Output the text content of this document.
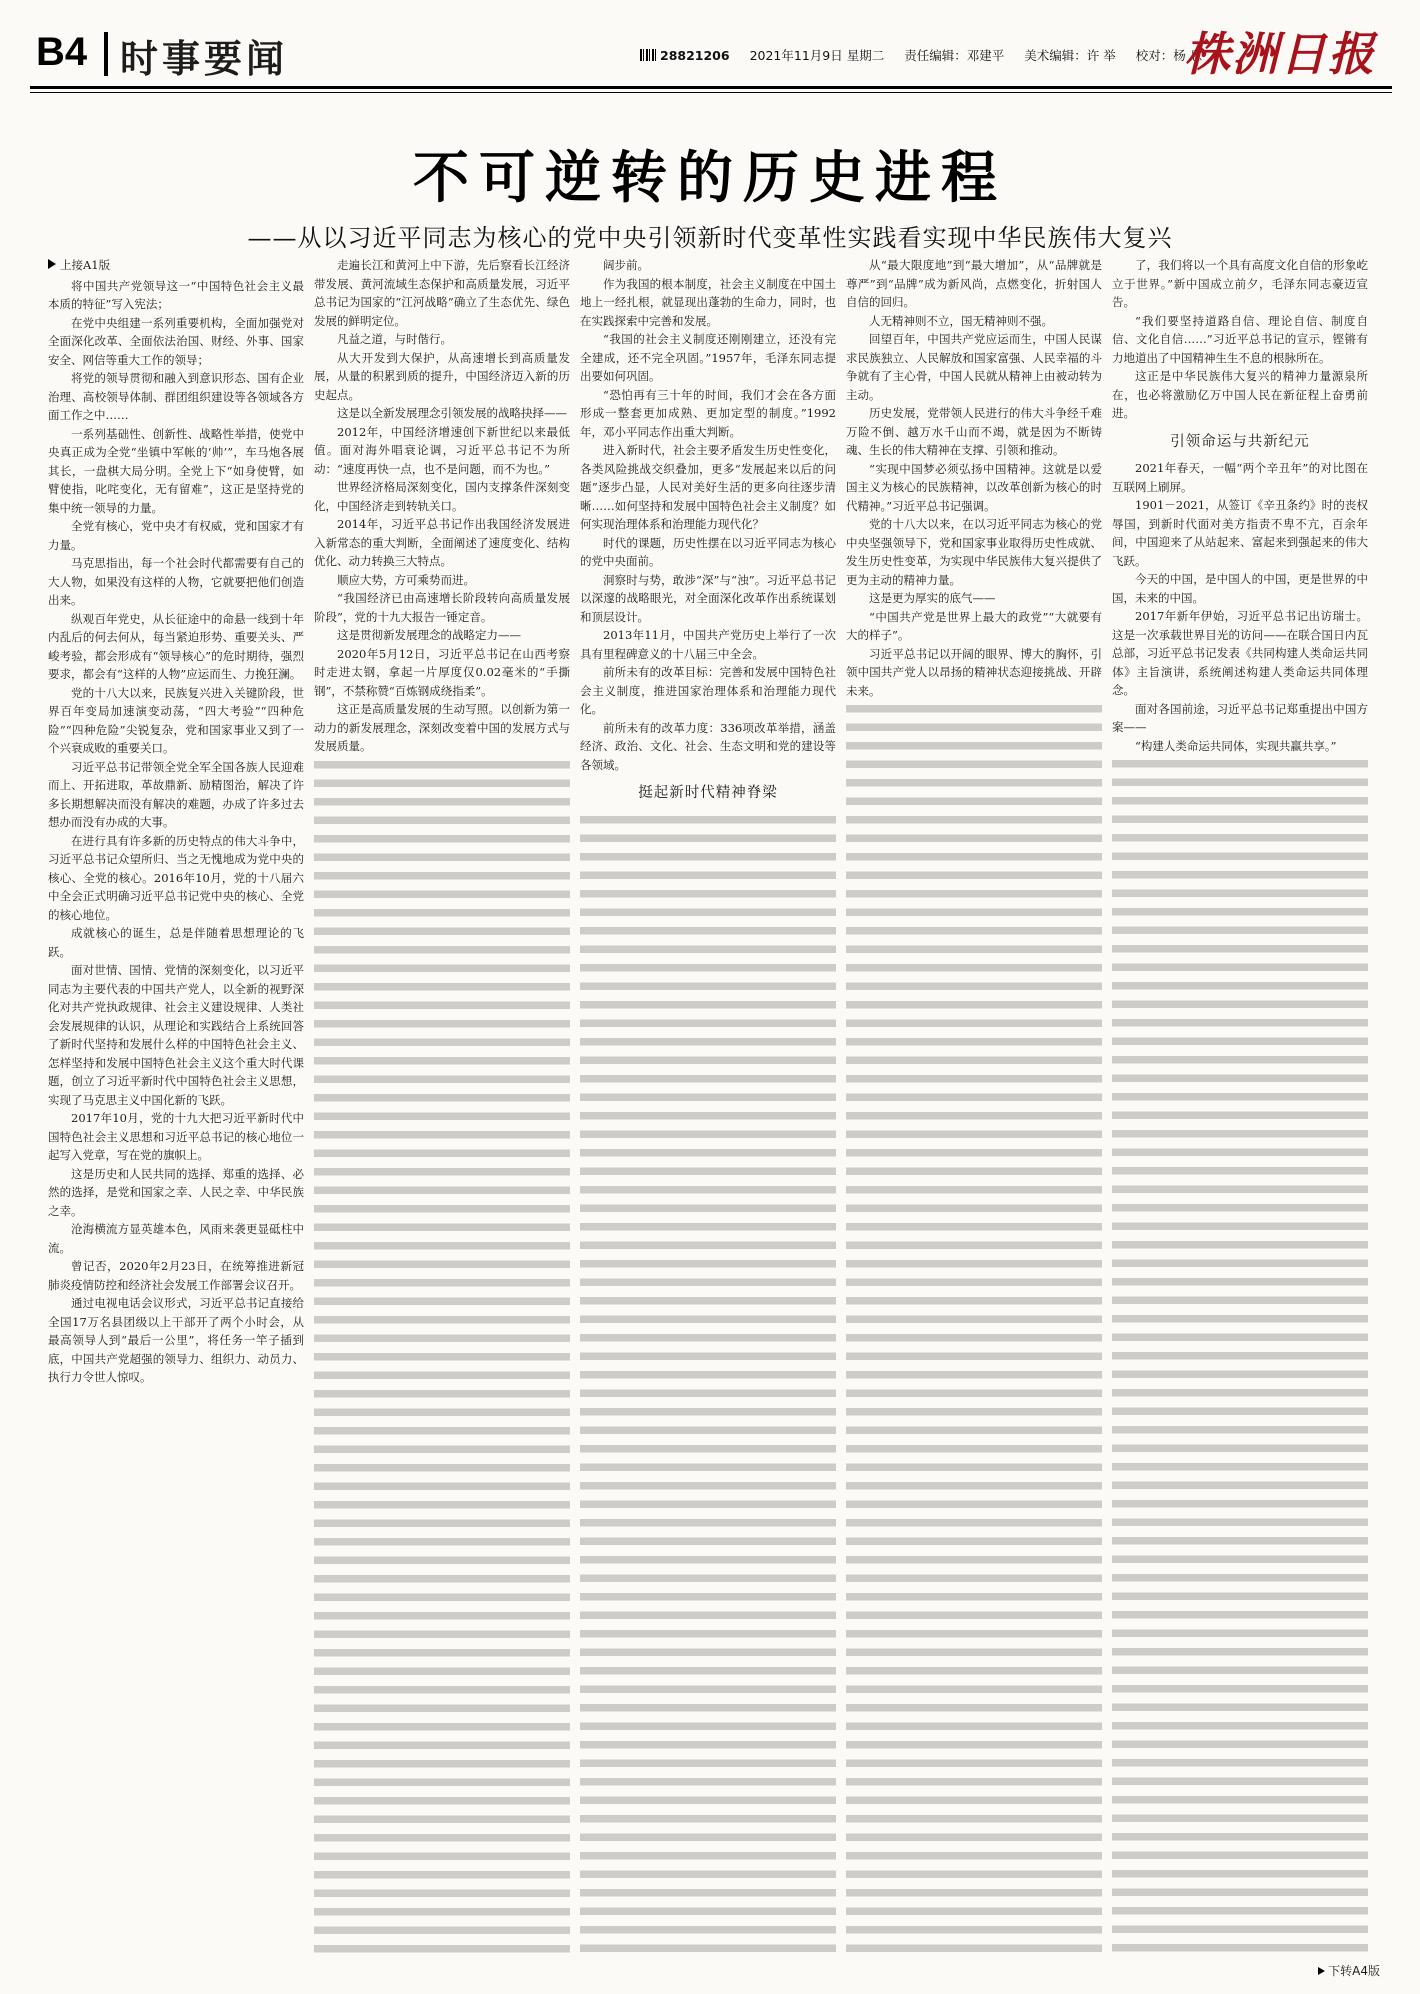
B4 时事要闻	28821206 2021年11月9日 星期二 责任编辑：邓建平 美术编辑：许 举 校对：杨 息
株洲日报
不可逆转的历史进程
——从以习近平同志为核心的党中央引领新时代变革性实践看实现中华民族伟大复兴

上接A1版

将中国共产党领导这一“中国特色社会主义最本质的特征”写入宪法；

在党中央组建一系列重要机构，全面加强党对全面深化改革、全面依法治国、财经、外事、国家安全、网信等重大工作的领导；

将党的领导贯彻和融入到意识形态、国有企业治理、高校领导体制、群团组织建设等各领域各方面工作之中……

一系列基础性、创新性、战略性举措，使党中央真正成为全党“坐镇中军帐的‘帅’”，车马炮各展其长，一盘棋大局分明。全党上下“如身使臂，如臂使指，叱咤变化，无有留难”，这正是坚持党的集中统一领导的力量。

全党有核心，党中央才有权威，党和国家才有力量。

马克思指出，每一个社会时代都需要有自己的大人物，如果没有这样的人物，它就要把他们创造出来。

纵观百年党史，从长征途中的命悬一线到十年内乱后的何去何从，每当紧迫形势、重要关头、严峻考验，都会形成有“领导核心”的危时期待，强烈要求，都会有“这样的人物”应运而生、力挽狂澜。

党的十八大以来，民族复兴进入关键阶段，世界百年变局加速演变动荡，“四大考验”“四种危险”“四种危险”尖锐复杂，党和国家事业又到了一个兴衰成败的重要关口。

习近平总书记带领全党全军全国各族人民迎难而上、开拓进取，革故鼎新、励精图治，解决了许多长期想解决而没有解决的难题，办成了许多过去想办而没有办成的大事。

在进行具有许多新的历史特点的伟大斗争中，习近平总书记众望所归、当之无愧地成为党中央的核心、全党的核心。2016年10月，党的十八届六中全会正式明确习近平总书记党中央的核心、全党的核心地位。

成就核心的诞生，总是伴随着思想理论的飞跃。

面对世情、国情、党情的深刻变化，以习近平同志为主要代表的中国共产党人，以全新的视野深化对共产党执政规律、社会主义建设规律、人类社会发展规律的认识，从理论和实践结合上系统回答了新时代坚持和发展什么样的中国特色社会主义、怎样坚持和发展中国特色社会主义这个重大时代课题，创立了习近平新时代中国特色社会主义思想，实现了马克思主义中国化新的飞跃。

2017年10月，党的十九大把习近平新时代中国特色社会主义思想和习近平总书记的核心地位一起写入党章，写在党的旗帜上。

这是历史和人民共同的选择、郑重的选择、必然的选择，是党和国家之幸、人民之幸、中华民族之幸。

沧海横流方显英雄本色，风雨来袭更显砥柱中流。

曾记否，2020年2月23日，在统筹推进新冠肺炎疫情防控和经济社会发展工作部署会议召开。

通过电视电话会议形式，习近平总书记直接给全国17万名县团级以上干部开了两个小时会，从最高领导人到“最后一公里”，将任务一竿子插到底，中国共产党超强的领导力、组织力、动员力、执行力令世人惊叹。

走遍长江和黄河上中下游，先后察看长江经济带发展、黄河流域生态保护和高质量发展，习近平总书记为国家的“江河战略”确立了生态优先、绿色发展的鲜明定位。

凡益之道，与时偕行。

从大开发到大保护，从高速增长到高质量发展，从量的积累到质的提升，中国经济迈入新的历史起点。

这是以全新发展理念引领发展的战略抉择——

2012年，中国经济增速创下新世纪以来最低值。面对海外唱衰论调，习近平总书记不为所动：“速度再快一点，也不是问题，而不为也。”

世界经济格局深刻变化，国内支撑条件深刻变化，中国经济走到转轨关口。

2014年，习近平总书记作出我国经济发展进入新常态的重大判断，全面阐述了速度变化、结构优化、动力转换三大特点。

顺应大势，方可乘势而进。

“我国经济已由高速增长阶段转向高质量发展阶段”，党的十九大报告一锤定音。

这是贯彻新发展理念的战略定力——

2020年5月12日，习近平总书记在山西考察时走进太钢，拿起一片厚度仅0.02毫米的“手撕钢”，不禁称赞“百炼钢成绕指柔”。

这正是高质量发展的生动写照。以创新为第一动力的新发展理念，深刻改变着中国的发展方式与发展质量。

阔步前。

作为我国的根本制度，社会主义制度在中国土地上一经扎根，就显现出蓬勃的生命力，同时，也在实践探索中完善和发展。

“我国的社会主义制度还刚刚建立，还没有完全建成，还不完全巩固。”1957年，毛泽东同志提出要如何巩固。

“恐怕再有三十年的时间，我们才会在各方面形成一整套更加成熟、更加定型的制度。”1992年，邓小平同志作出重大判断。

进入新时代，社会主要矛盾发生历史性变化，各类风险挑战交织叠加，更多“发展起来以后的问题”逐步凸显，人民对美好生活的更多向往逐步清晰……如何坚持和发展中国特色社会主义制度？如何实现治理体系和治理能力现代化？

时代的课题，历史性摆在以习近平同志为核心的党中央面前。

洞察时与势，敢涉“深”与“浊”。习近平总书记以深邃的战略眼光，对全面深化改革作出系统谋划和顶层设计。

2013年11月，中国共产党历史上举行了一次具有里程碑意义的十八届三中全会。

前所未有的改革目标：完善和发展中国特色社会主义制度，推进国家治理体系和治理能力现代化。

前所未有的改革力度：336项改革举措，涵盖经济、政治、文化、社会、生态文明和党的建设等各领域。

挺起新时代精神脊梁

从“最大限度地”到“最大增加”，从“品牌就是尊严”到“品牌”成为新风尚，点燃变化，折射国人自信的回归。

人无精神则不立，国无精神则不强。

回望百年，中国共产党应运而生，中国人民谋求民族独立、人民解放和国家富强、人民幸福的斗争就有了主心骨，中国人民就从精神上由被动转为主动。

历史发展，党带领人民进行的伟大斗争经千难万险不倒、越万水千山而不竭，就是因为不断铸魂、生长的伟大精神在支撑、引领和推动。

“实现中国梦必须弘扬中国精神。这就是以爱国主义为核心的民族精神，以改革创新为核心的时代精神。”习近平总书记强调。

党的十八大以来，在以习近平同志为核心的党中央坚强领导下，党和国家事业取得历史性成就、发生历史性变革，为实现中华民族伟大复兴提供了更为主动的精神力量。

这是更为厚实的底气——

“中国共产党是世界上最大的政党”“大就要有大的样子”。

习近平总书记以开阔的眼界、博大的胸怀，引领中国共产党人以昂扬的精神状态迎接挑战、开辟未来。

了，我们将以一个具有高度文化自信的形象屹立于世界。”新中国成立前夕，毛泽东同志豪迈宣告。

“我们要坚持道路自信、理论自信、制度自信、文化自信……”习近平总书记的宣示，铿锵有力地道出了中国精神生生不息的根脉所在。

这正是中华民族伟大复兴的精神力量源泉所在，也必将激励亿万中国人民在新征程上奋勇前进。

引领命运与共新纪元

2021年春天，一幅“两个辛丑年”的对比图在互联网上刷屏。

1901－2021，从签订《辛丑条约》时的丧权辱国，到新时代面对美方指责不卑不亢，百余年间，中国迎来了从站起来、富起来到强起来的伟大飞跃。

今天的中国，是中国人的中国，更是世界的中国，未来的中国。

2017年新年伊始，习近平总书记出访瑞士。这是一次承载世界目光的访问——在联合国日内瓦总部，习近平总书记发表《共同构建人类命运共同体》主旨演讲，系统阐述构建人类命运共同体理念。

面对各国前途，习近平总书记郑重提出中国方案——

“构建人类命运共同体，实现共赢共享。”

下转A4版
